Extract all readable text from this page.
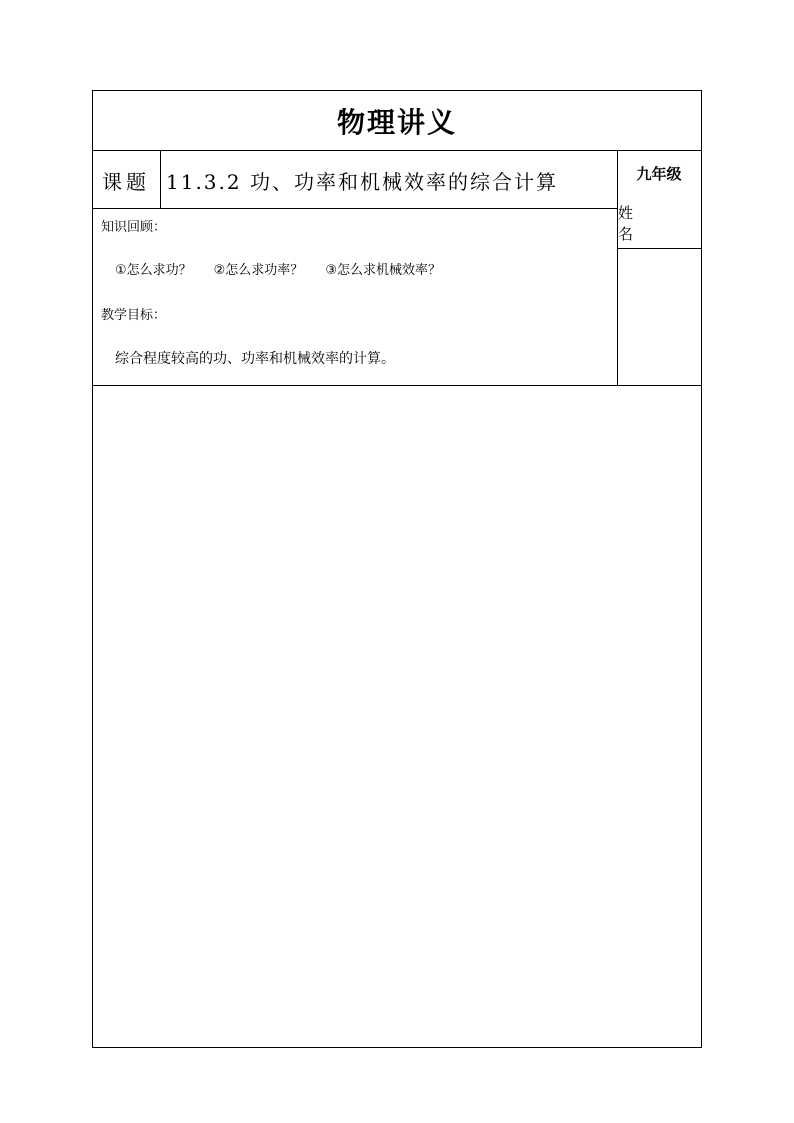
物理讲义
课题 11.3.2 功、功率和机械效率的综合计算	九年级
姓 名
知识回顾：
①怎么求功？ ②怎么求功率？ ③怎么求机械效率？
教学目标：
综合程度较高的功、功率和机械效率的计算。
